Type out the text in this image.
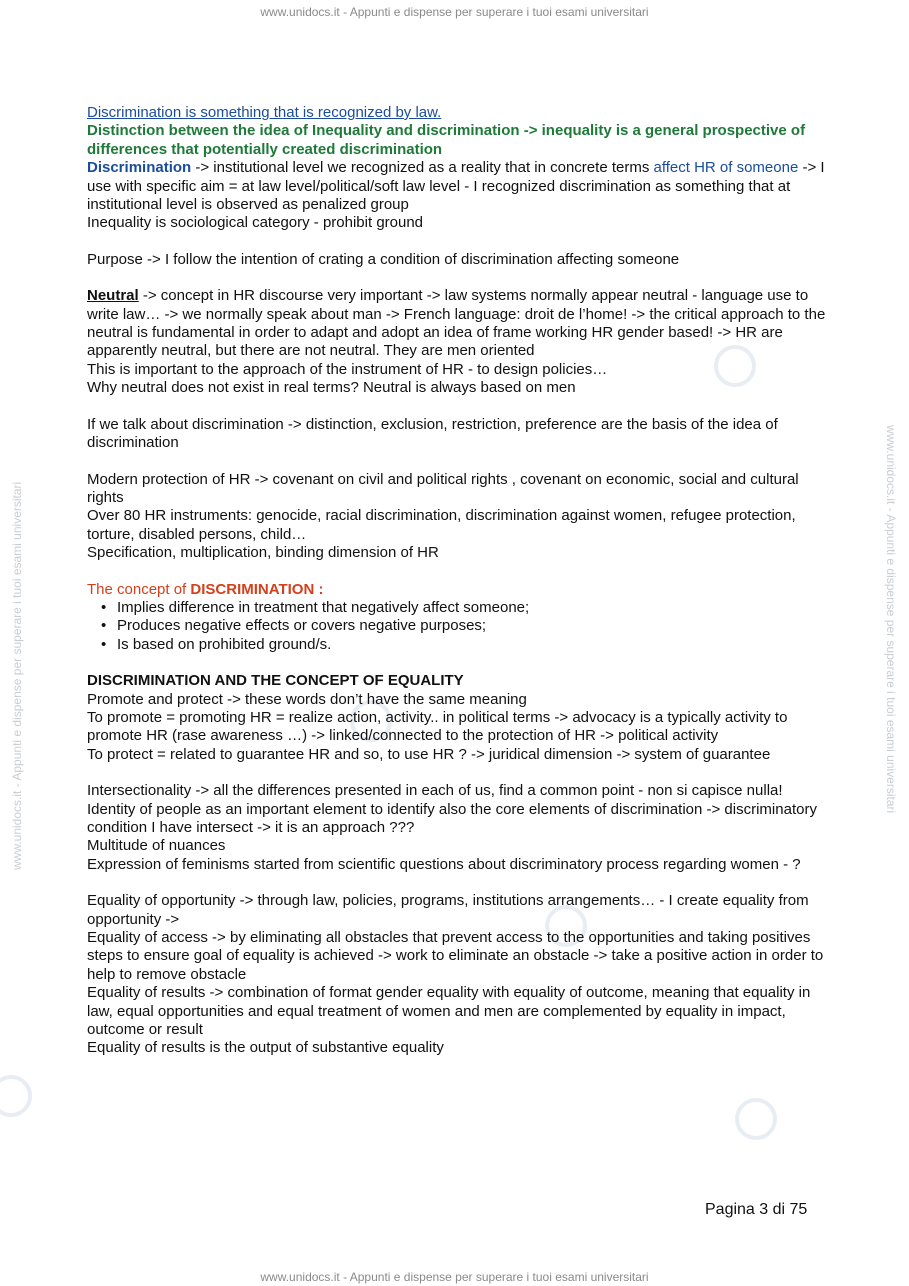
www.unidocs.it - Appunti e dispense per superare i tuoi esami universitari
www.unidocs.it - Appunti e dispense per superare i tuoi esami universitari
www.unidocs.it - Appunti e dispense per superare i tuoi esami universitari	www.unidocs.it - Appunti e dispense per superare i tuoi esami universitari

Discrimination is something that is recognized by law.

Distinction between the idea of Inequality and discrimination -> inequality is a general prospective of differences that potentially created discrimination

Discrimination -> institutional level we recognized as a reality that in concrete terms affect HR of someone -> I use with specific aim = at law level/political/soft law level - I recognized discrimination as something that at institutional level is observed as penalized group

Inequality is sociological category - prohibit ground

Purpose -> I follow the intention of crating a condition of discrimination affecting someone

Neutral -> concept in HR discourse very important -> law systems normally appear neutral - language use to write law… -> we normally speak about man -> French language: droit de l’home! -> the critical approach to the neutral is fundamental in order to adapt and adopt an idea of frame working HR gender based! -> HR are apparently neutral, but there are not neutral. They are men oriented

This is important to the approach of the instrument of HR - to design policies…

Why neutral does not exist in real terms? Neutral is always based on men

If we talk about discrimination -> distinction, exclusion, restriction, preference are the basis of the idea of discrimination

Modern protection of HR -> covenant on civil and political rights , covenant on economic, social and cultural rights

Over 80 HR instruments: genocide, racial discrimination, discrimination against women, refugee protection, torture, disabled persons, child…

Specification, multiplication, binding dimension of HR

The concept of DISCRIMINATION :

• Implies difference in treatment that negatively affect someone;
• Produces negative effects or covers negative purposes;
• Is based on prohibited ground/s.

DISCRIMINATION AND THE CONCEPT OF EQUALITY

Promote and protect -> these words don’t have the same meaning

To promote = promoting HR = realize action, activity.. in political terms -> advocacy is a typically activity to promote HR (rase awareness …) -> linked/connected to the protection of HR -> political activity

To protect = related to guarantee HR and so, to use HR ? -> juridical dimension -> system of guarantee

Intersectionality -> all the differences presented in each of us, find a common point - non si capisce nulla!

Identity of people as an important element to identify also the core elements of discrimination -> discriminatory condition I have intersect -> it is an approach ???

Multitude of nuances

Expression of feminisms started from scientific questions about discriminatory process regarding women - ?

Equality of opportunity -> through law, policies, programs, institutions arrangements… - I create equality from opportunity ->

Equality of access -> by eliminating all obstacles that prevent access to the opportunities and taking positives steps to ensure goal of equality is achieved -> work to eliminate an obstacle -> take a positive action in order to help to remove obstacle

Equality of results -> combination of format gender equality with equality of outcome, meaning that equality in law, equal opportunities and equal treatment of women and men are complemented by equality in impact, outcome or result

Equality of results is the output of substantive equality

Pagina 3 di 75
